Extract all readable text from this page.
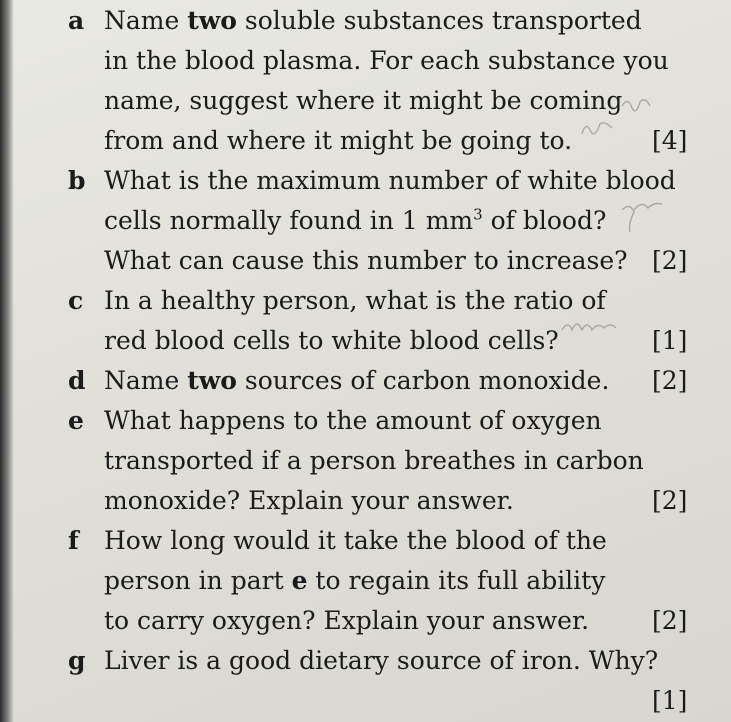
a Name two soluble substances transported
in the blood plasma. For each substance you
name, suggest where it might be coming
from and where it might be going to.	[4]
b What is the maximum number of white blood
cells normally found in 1 $mm^3$ of blood?
What can cause this number to increase? [2]
c In a healthy person, what is the ratio of
red blood cells to white blood cells?	[1]
d Name two sources of carbon monoxide. [2]
e What happens to the amount of oxygen
transported if a person breathes in carbon
monoxide? Explain your answer.	[2]
f How long would it take the blood of the
person in part e to regain its full ability
to carry oxygen? Explain your answer.	[2]
g Liver is a good dietary source of iron. Why?
[1]
